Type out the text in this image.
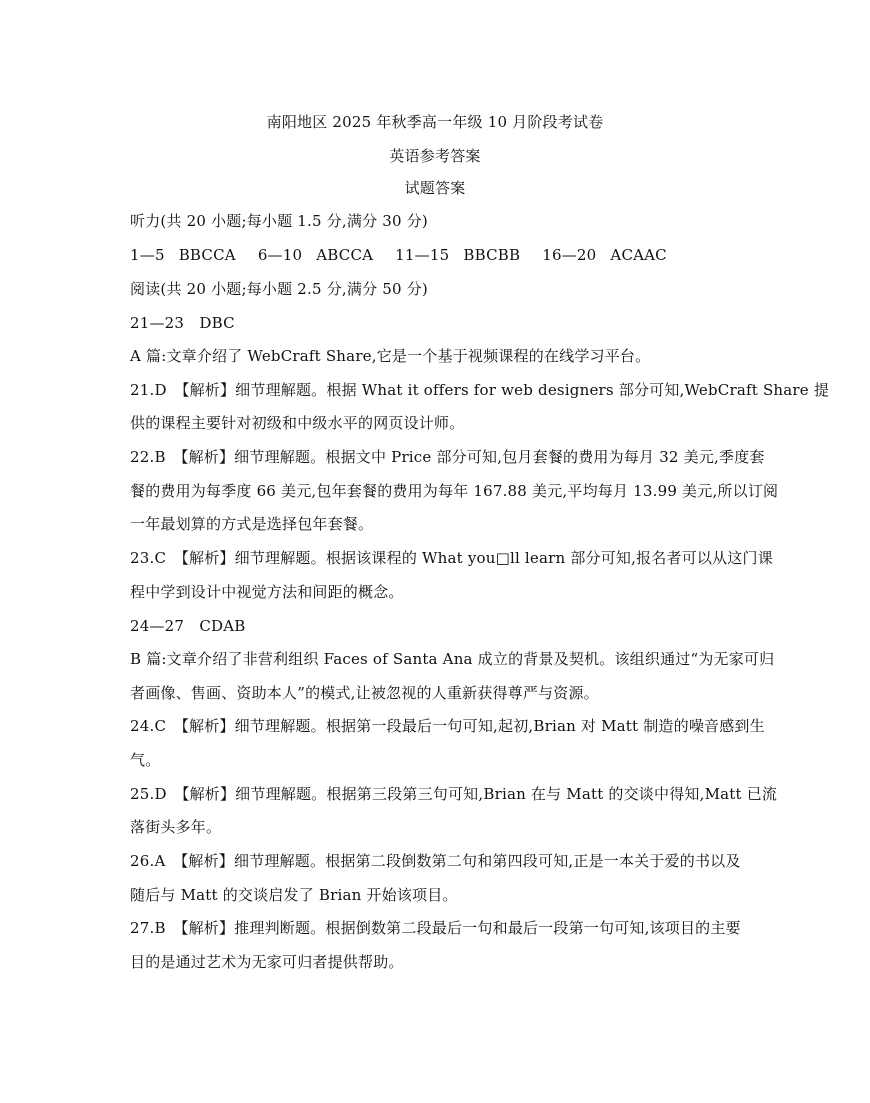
南阳地区 2025 年秋季高一年级 10 月阶段考试卷
英语参考答案
试题答案
听力(共 20 小题;每小题 1.5 分,满分 30 分)
1—5 BBCCA 6—10 ABCCA 11—15 BBCBB 16—20 ACAAC
阅读(共 20 小题;每小题 2.5 分,满分 50 分)
21—23　DBC
A 篇:文章介绍了 WebCraft Share,它是一个基于视频课程的在线学习平台。
21.D　【解析】细节理解题。根据 What it offers for web designers 部分可知,WebCraft Share 提
供的课程主要针对初级和中级水平的网页设计师。
22.B　【解析】细节理解题。根据文中 Price 部分可知,包月套餐的费用为每月 32 美元,季度套
餐的费用为每季度 66 美元,包年套餐的费用为每年 167.88 美元,平均每月 13.99 美元,所以订阅
一年最划算的方式是选择包年套餐。
23.C　【解析】细节理解题。根据该课程的 What you□ll learn 部分可知,报名者可以从这门课
程中学到设计中视觉方法和间距的概念。
24—27　CDAB
B 篇:文章介绍了非营利组织 Faces of Santa Ana 成立的背景及契机。该组织通过“为无家可归
者画像、售画、资助本人”的模式,让被忽视的人重新获得尊严与资源。
24.C　【解析】细节理解题。根据第一段最后一句可知,起初,Brian 对 Matt 制造的噪音感到生
气。
25.D　【解析】细节理解题。根据第三段第三句可知,Brian 在与 Matt 的交谈中得知,Matt 已流
落街头多年。
26.A　【解析】细节理解题。根据第二段倒数第二句和第四段可知,正是一本关于爱的书以及
随后与 Matt 的交谈启发了 Brian 开始该项目。
27.B　【解析】推理判断题。根据倒数第二段最后一句和最后一段第一句可知,该项目的主要
目的是通过艺术为无家可归者提供帮助。
